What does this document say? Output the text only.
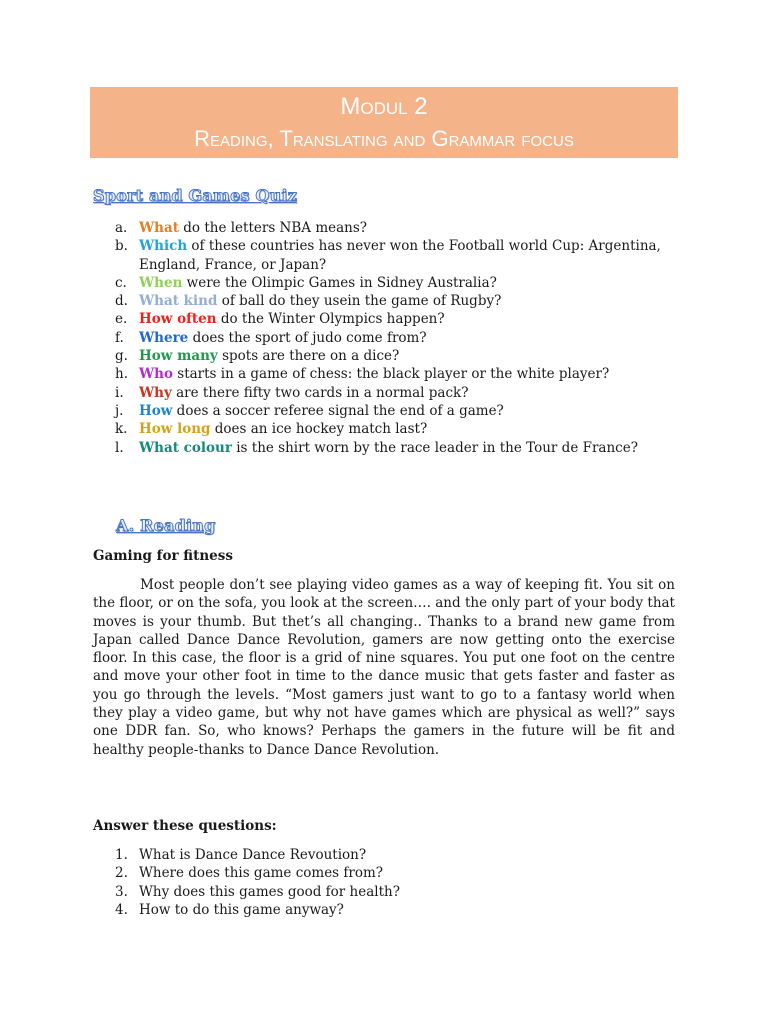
Modul 2
Reading, Translating and Grammar focus
Sport and Games Quiz
a. What do the letters NBA means?
b. Which of these countries has never won the Football world Cup: Argentina, England, France, or Japan?
c. When were the Olimpic Games in Sidney Australia?
d. What kind of ball do they usein the game of Rugby?
e. How often do the Winter Olympics happen?
f.	Where does the sport of judo come from?
g. How many spots are there on a dice?
h. Who starts in a game of chess: the black player or the white player?
i.	Why are there fifty two cards in a normal pack?
j.	How does a soccer referee signal the end of a game?
k. How long does an ice hockey match last?
l.	What colour is the shirt worn by the race leader in the Tour de France?
A. Reading
Gaming for fitness
Most people don’t see playing video games as a way of keeping fit. You sit on the floor, or on the sofa, you look at the screen…. and the only part of your body that moves is your thumb. But thet’s all changing.. Thanks to a brand new game from Japan called Dance Dance Revolution, gamers are now getting onto the exercise floor. In this case, the floor is a grid of nine squares. You put one foot on the centre and move your other foot in time to the dance music that gets faster and faster as you go through the levels. “Most gamers just want to go to a fantasy world when they play a video game, but why not have games which are physical as well?” says one DDR fan. So, who knows? Perhaps the gamers in the future will be fit and healthy people-thanks to Dance Dance Revolution.
Answer these questions:
1. What is Dance Dance Revoution?
2. Where does this game comes from?
3. Why does this games good for health?
4. How to do this game anyway?
